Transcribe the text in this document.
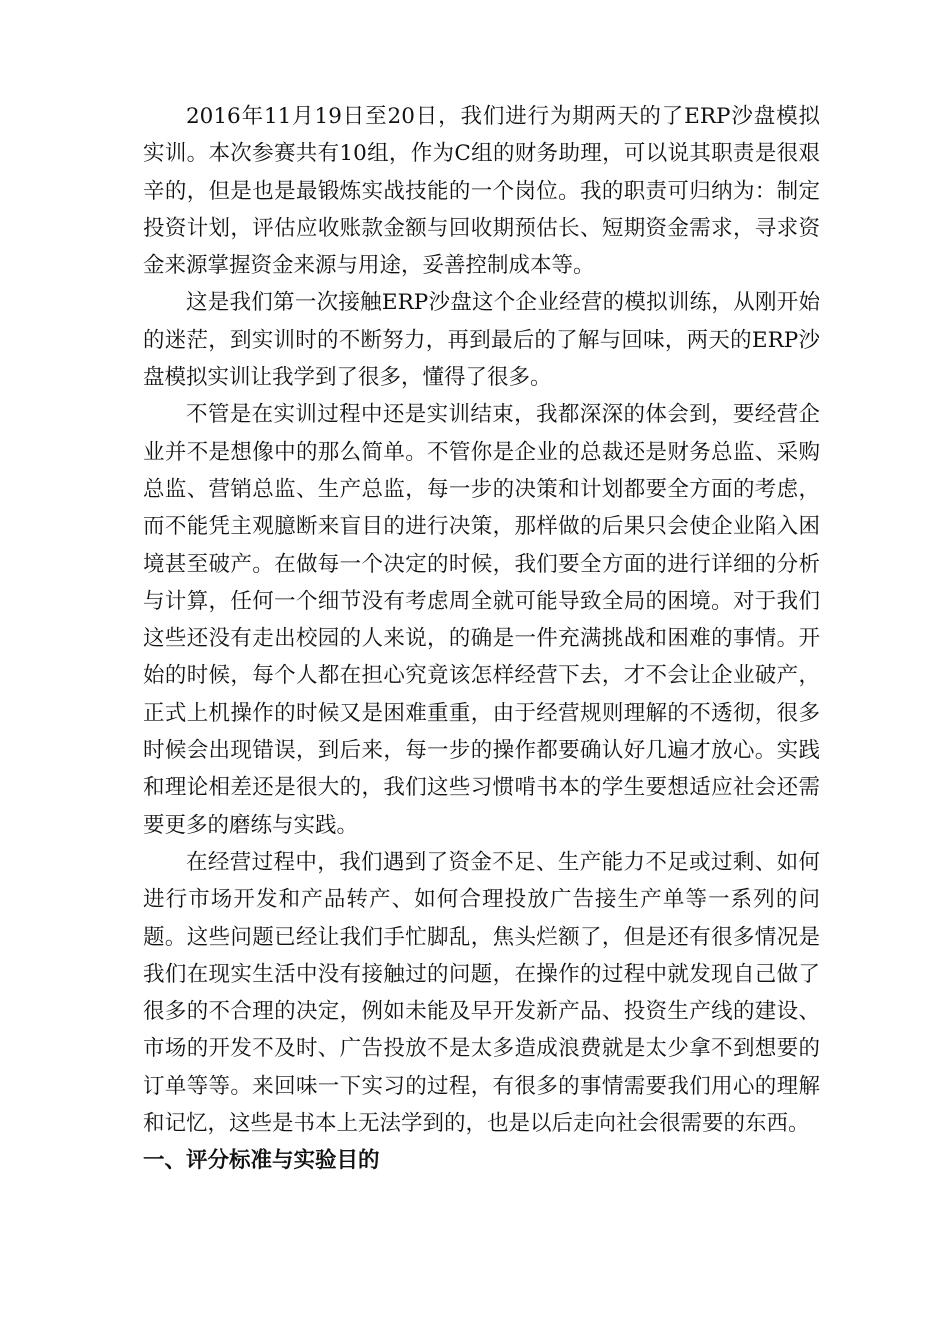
2016年11月19日至20日，我们进行为期两天的了ERP沙盘模拟实训。本次参赛共有10组，作为C组的财务助理，可以说其职责是很艰辛的，但是也是最锻炼实战技能的一个岗位。我的职责可归纳为：制定投资计划，评估应收账款金额与回收期预估长、短期资金需求，寻求资金来源掌握资金来源与用途，妥善控制成本等。

这是我们第一次接触ERP沙盘这个企业经营的模拟训练，从刚开始的迷茫，到实训时的不断努力，再到最后的了解与回味，两天的ERP沙盘模拟实训让我学到了很多，懂得了很多。

不管是在实训过程中还是实训结束，我都深深的体会到，要经营企业并不是想像中的那么简单。不管你是企业的总裁还是财务总监、采购总监、营销总监、生产总监，每一步的决策和计划都要全方面的考虑，而不能凭主观臆断来盲目的进行决策，那样做的后果只会使企业陷入困境甚至破产。在做每一个决定的时候，我们要全方面的进行详细的分析与计算，任何一个细节没有考虑周全就可能导致全局的困境。对于我们这些还没有走出校园的人来说，的确是一件充满挑战和困难的事情。开始的时候，每个人都在担心究竟该怎样经营下去，才不会让企业破产，正式上机操作的时候又是困难重重，由于经营规则理解的不透彻，很多时候会出现错误，到后来，每一步的操作都要确认好几遍才放心。实践和理论相差还是很大的，我们这些习惯啃书本的学生要想适应社会还需要更多的磨练与实践。

在经营过程中，我们遇到了资金不足、生产能力不足或过剩、如何进行市场开发和产品转产、如何合理投放广告接生产单等一系列的问题。这些问题已经让我们手忙脚乱，焦头烂额了，但是还有很多情况是我们在现实生活中没有接触过的问题，在操作的过程中就发现自己做了很多的不合理的决定，例如未能及早开发新产品、投资生产线的建设、市场的开发不及时、广告投放不是太多造成浪费就是太少拿不到想要的订单等等。来回味一下实习的过程，有很多的事情需要我们用心的理解和记忆，这些是书本上无法学到的，也是以后走向社会很需要的东西。

一、评分标准与实验目的
